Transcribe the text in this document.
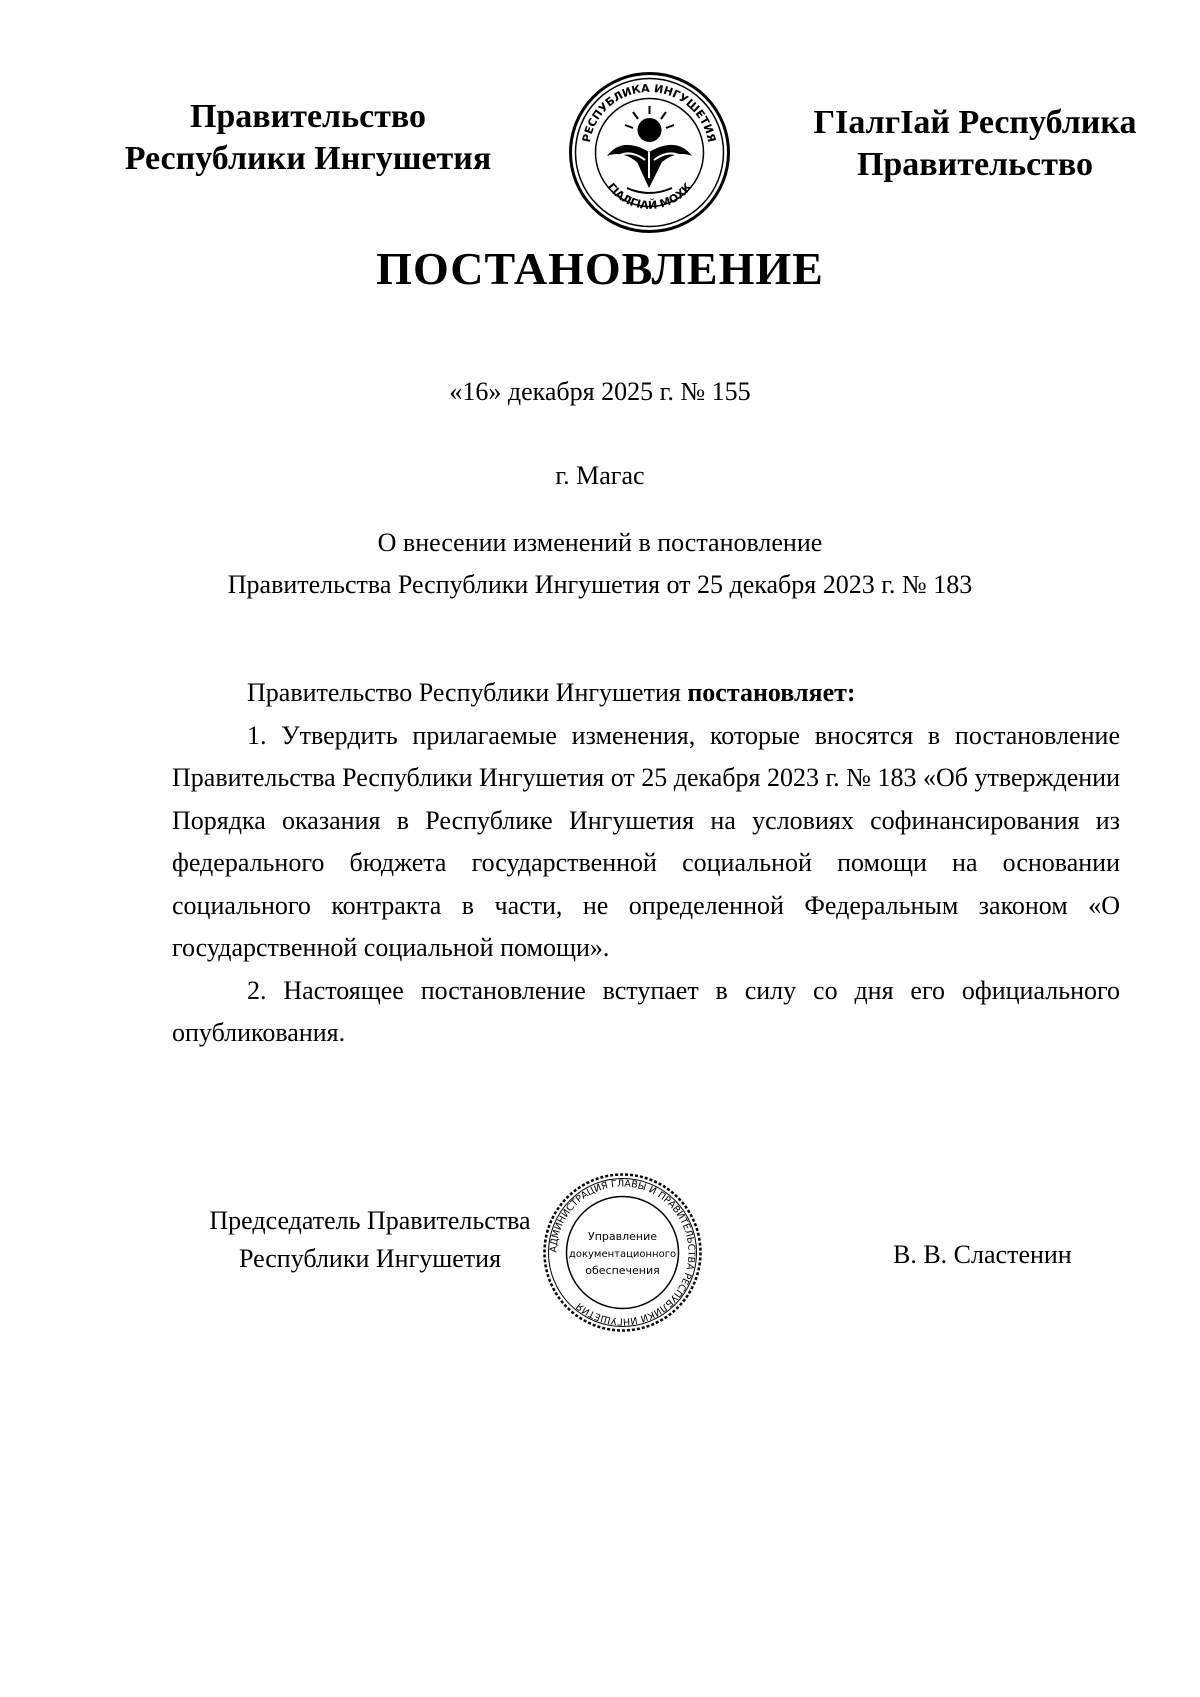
Правительство
Республики Ингушетия
РЕСПУБЛИКА ИНГУШЕТИЯ
ГIАЛГIАЙ МОХК
ГIалгIай Республика
Правительство
ПОСТАНОВЛЕНИЕ
«16» декабря 2025 г. № 155
г. Магас
О внесении изменений в постановление
Правительства Республики Ингушетия от 25 декабря 2023 г. № 183

Правительство Республики Ингушетия постановляет:

1. Утвердить прилагаемые изменения, которые вносятся в постановление Правительства Республики Ингушетия от 25 декабря 2023 г. № 183 «Об утверждении Порядка оказания в Республике Ингушетия на условиях софинансирования из федерального бюджета государственной социальной помощи на основании социального контракта в части, не определенной Федеральным законом «О государственной социальной помощи».

2. Настоящее постановление вступает в силу со дня его официального опубликования.

Председатель Правительства
Республики Ингушетия	АДМИНИСТРАЦИЯ ГЛАВЫ И ПРАВИТЕЛЬСТВА РЕСПУБЛИКИ ИНГУШЕТИЯ
Управление
документационного
обеспечения
В. В. Сластенин
